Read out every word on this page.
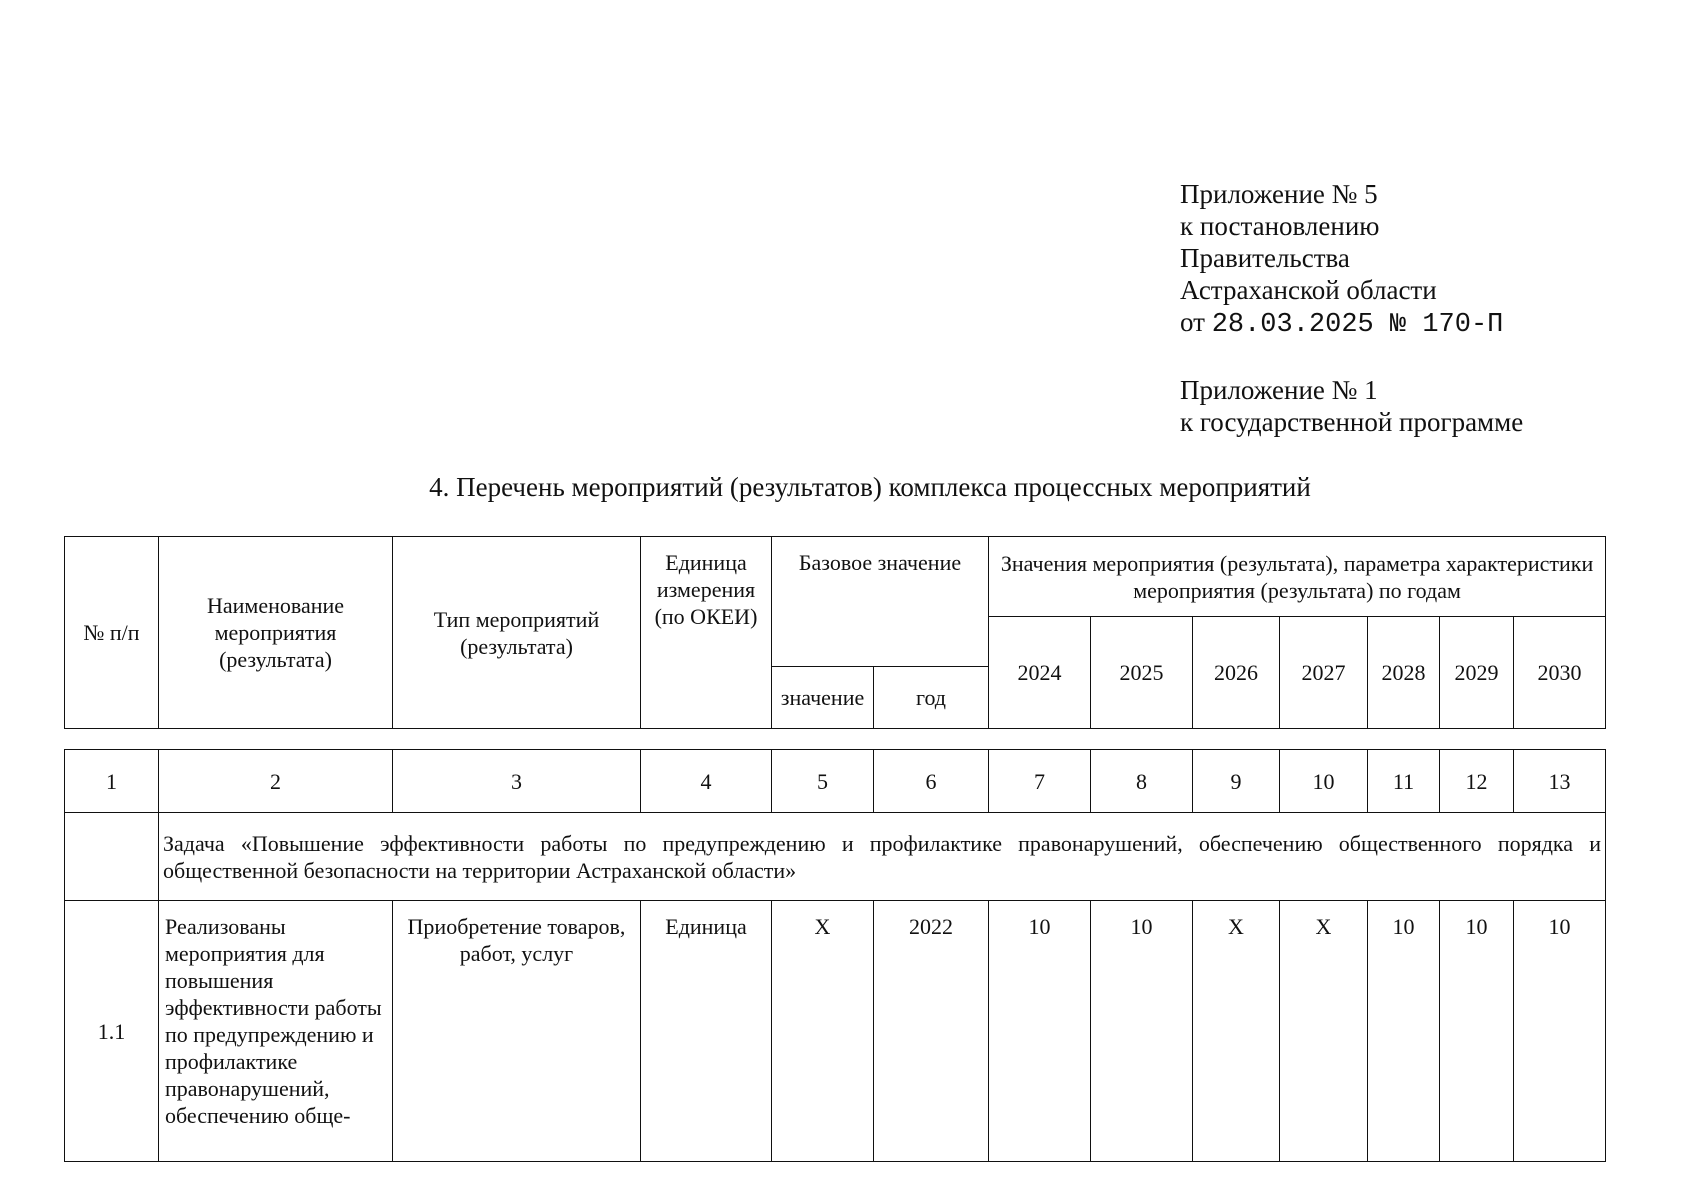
Приложение № 5
к постановлению
Правительства
Астраханской области
от 28.03.2025 № 170-П
Приложение № 1
к государственной программе
4. Перечень мероприятий (результатов) комплекса процессных мероприятий
№ п/п	Наименование мероприятия (результата)	Тип мероприятий (результата)	Единица измерения (по ОКЕИ)	Базовое значение		Значения мероприятия (результата), параметра характеристики мероприятия (результата) по годам						
						2024	2025	2026	2027	2028	2029	2030
				значение	год							
1	2	3	4	5	6	7	8	9	10	11	12	13
	Задача «Повышение эффективности работы по предупреждению и профилактике правонарушений, обеспечению общественного порядка и общественной безопасности на территории Астраханской области»											
1.1	Реализованы мероприятия для повышения эффективности работы по предупреждению и профилактике правонарушений, обеспечению обще-	Приобретение товаров, работ, услуг	Единица	X	2022	10	10	X	X	10	10	10
